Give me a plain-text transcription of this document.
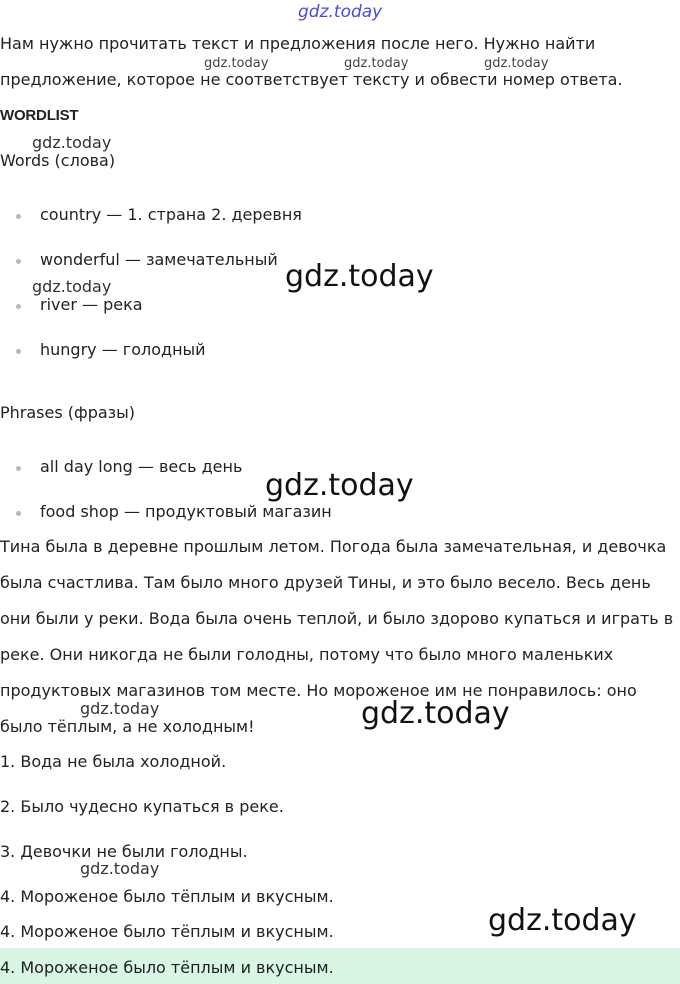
Нам нужно прочитать текст и предложения после него. Нужно найти

предложение, которое не соответствует тексту и обвести номер ответа.

WORDLIST

Words (слова)

country — 1. страна 2. деревня
wonderful — замечательный
river — река
hungry — голодный

Phrases (фразы)

all day long — весь день
food shop — продуктовый магазин

Тина была в деревне прошлым летом. Погода была замечательная, и девочка

была счастлива. Там было много друзей Тины, и это было весело. Весь день

они были у реки. Вода была очень теплой, и было здорово купаться и играть в

реке. Они никогда не были голодны, потому что было много маленьких

продуктовых магазинов том месте. Но мороженое им не понравилось: оно

было тёплым, а не холодным!

1. Вода не была холодной.

2. Было чудесно купаться в реке.

3. Девочки не были голодны.

4. Мороженое было тёплым и вкусным.

4. Мороженое было тёплым и вкусным.

4. Мороженое было тёплым и вкусным.

gdz.today
gdz.today	gdz.today	gdz.today
gdz.today
gdz.today	gdz.today
gdz.today
gdz.today	gdz.today
gdz.today
gdz.today
